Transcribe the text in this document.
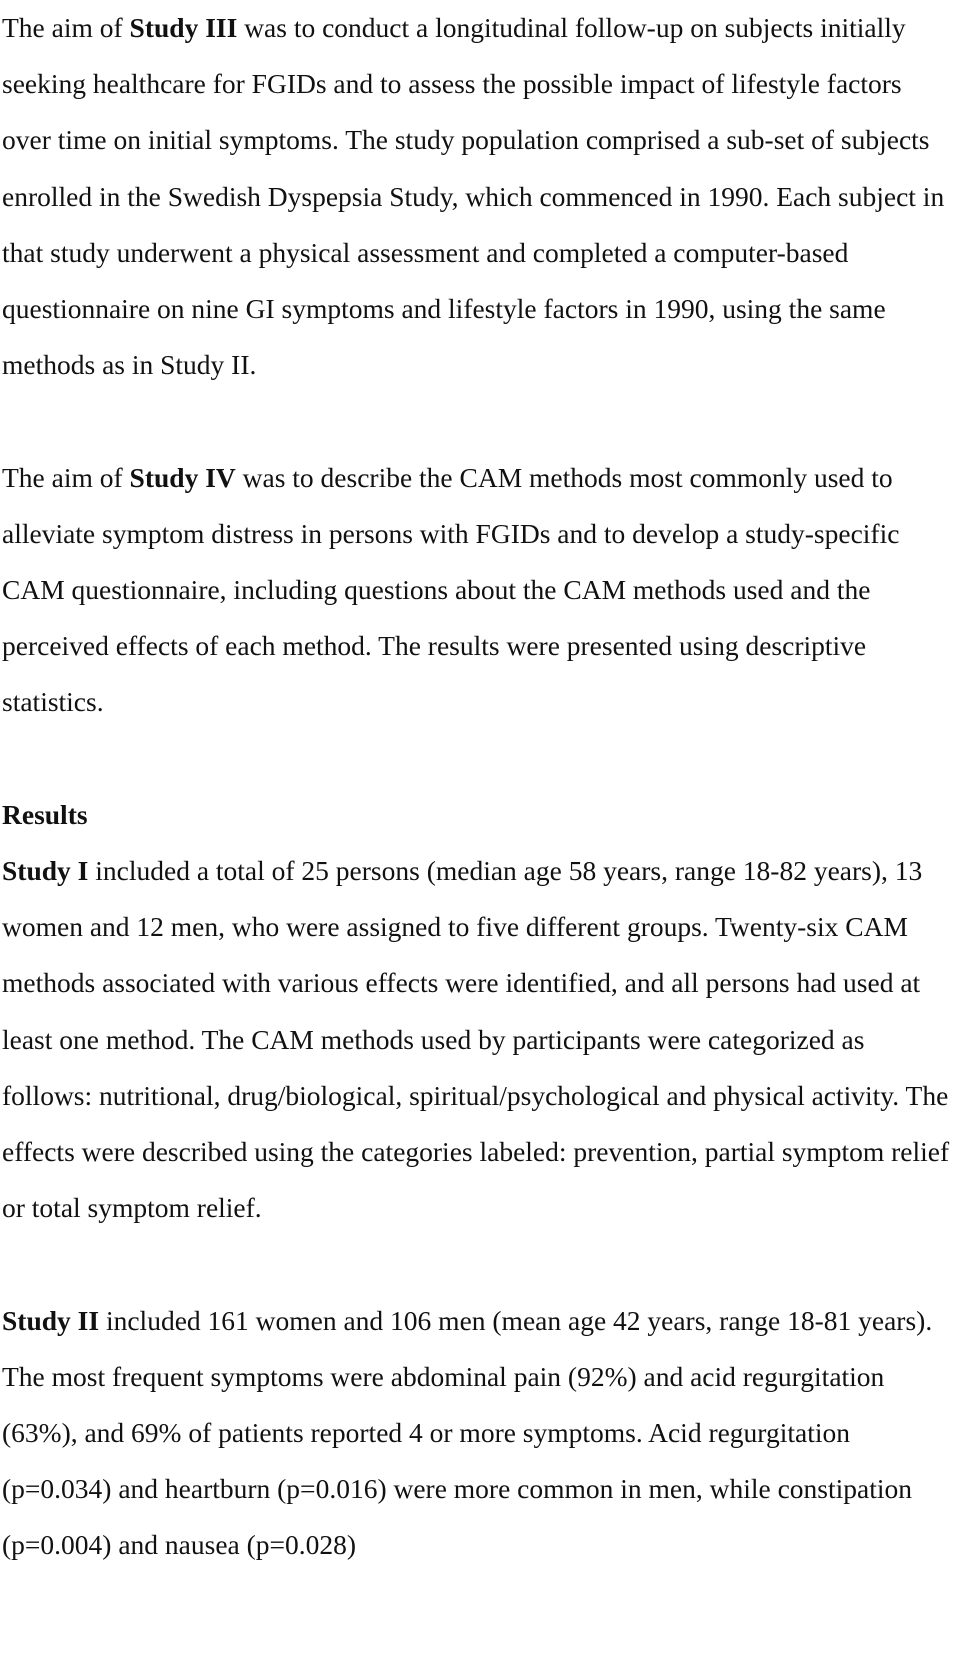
The aim of Study III was to conduct a longitudinal follow-up on subjects initially seeking healthcare for FGIDs and to assess the possible impact of lifestyle factors over time on initial symptoms. The study population comprised a sub-set of subjects enrolled in the Swedish Dyspepsia Study, which commenced in 1990. Each subject in that study underwent a physical assessment and completed a computer-based questionnaire on nine GI symptoms and lifestyle factors in 1990, using the same methods as in Study II.

The aim of Study IV was to describe the CAM methods most commonly used to alleviate symptom distress in persons with FGIDs and to develop a study-specific CAM questionnaire, including questions about the CAM methods used and the perceived effects of each method. The results were presented using descriptive statistics.

Results

Study I included a total of 25 persons (median age 58 years, range 18-82 years), 13 women and 12 men, who were assigned to five different groups. Twenty-six CAM methods associated with various effects were identified, and all persons had used at least one method. The CAM methods used by participants were categorized as follows: nutritional, drug/biological, spiritual/psychological and physical activity. The effects were described using the categories labeled: prevention, partial symptom relief or total symptom relief.

Study II included 161 women and 106 men (mean age 42 years, range 18-81 years). The most frequent symptoms were abdominal pain (92%) and acid regurgitation (63%), and 69% of patients reported 4 or more symptoms. Acid regurgitation (p=0.034) and heartburn (p=0.016) were more common in men, while constipation (p=0.004) and nausea (p=0.028)
